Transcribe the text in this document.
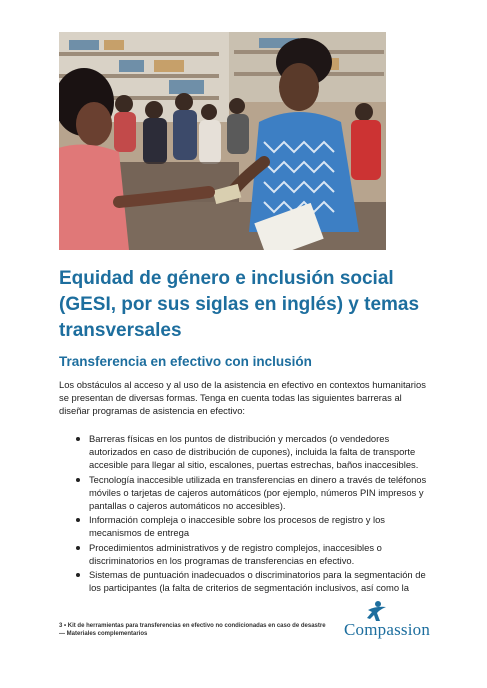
Equidad de género e inclusión social (GESI, por sus siglas en inglés) y temas transversales
Transferencia en efectivo con inclusión

Los obstáculos al acceso y al uso de la asistencia en efectivo en contextos humanitarios se presentan de diversas formas. Tenga en cuenta todas las siguientes barreras al diseñar programas de asistencia en efectivo:

Barreras físicas en los puntos de distribución y mercados (o vendedores autorizados en caso de distribución de cupones), incluida la falta de transporte accesible para llegar al sitio, escalones, puertas estrechas, baños inaccesibles.
Tecnología inaccesible utilizada en transferencias en dinero a través de teléfonos móviles o tarjetas de cajeros automáticos (por ejemplo, números PIN impresos y pantallas o cajeros automáticos no accesibles).
Información compleja o inaccesible sobre los procesos de registro y los mecanismos de entrega
Procedimientos administrativos y de registro complejos, inaccesibles o discriminatorios en los programas de transferencias en efectivo.
Sistemas de puntuación inadecuados o discriminatorios para la segmentación de los participantes (la falta de criterios de segmentación inclusivos, así como la
3 • Kit de herramientas para transferencias en efectivo no condicionadas en caso de desastre
— Materiales complementarios	Compassion
